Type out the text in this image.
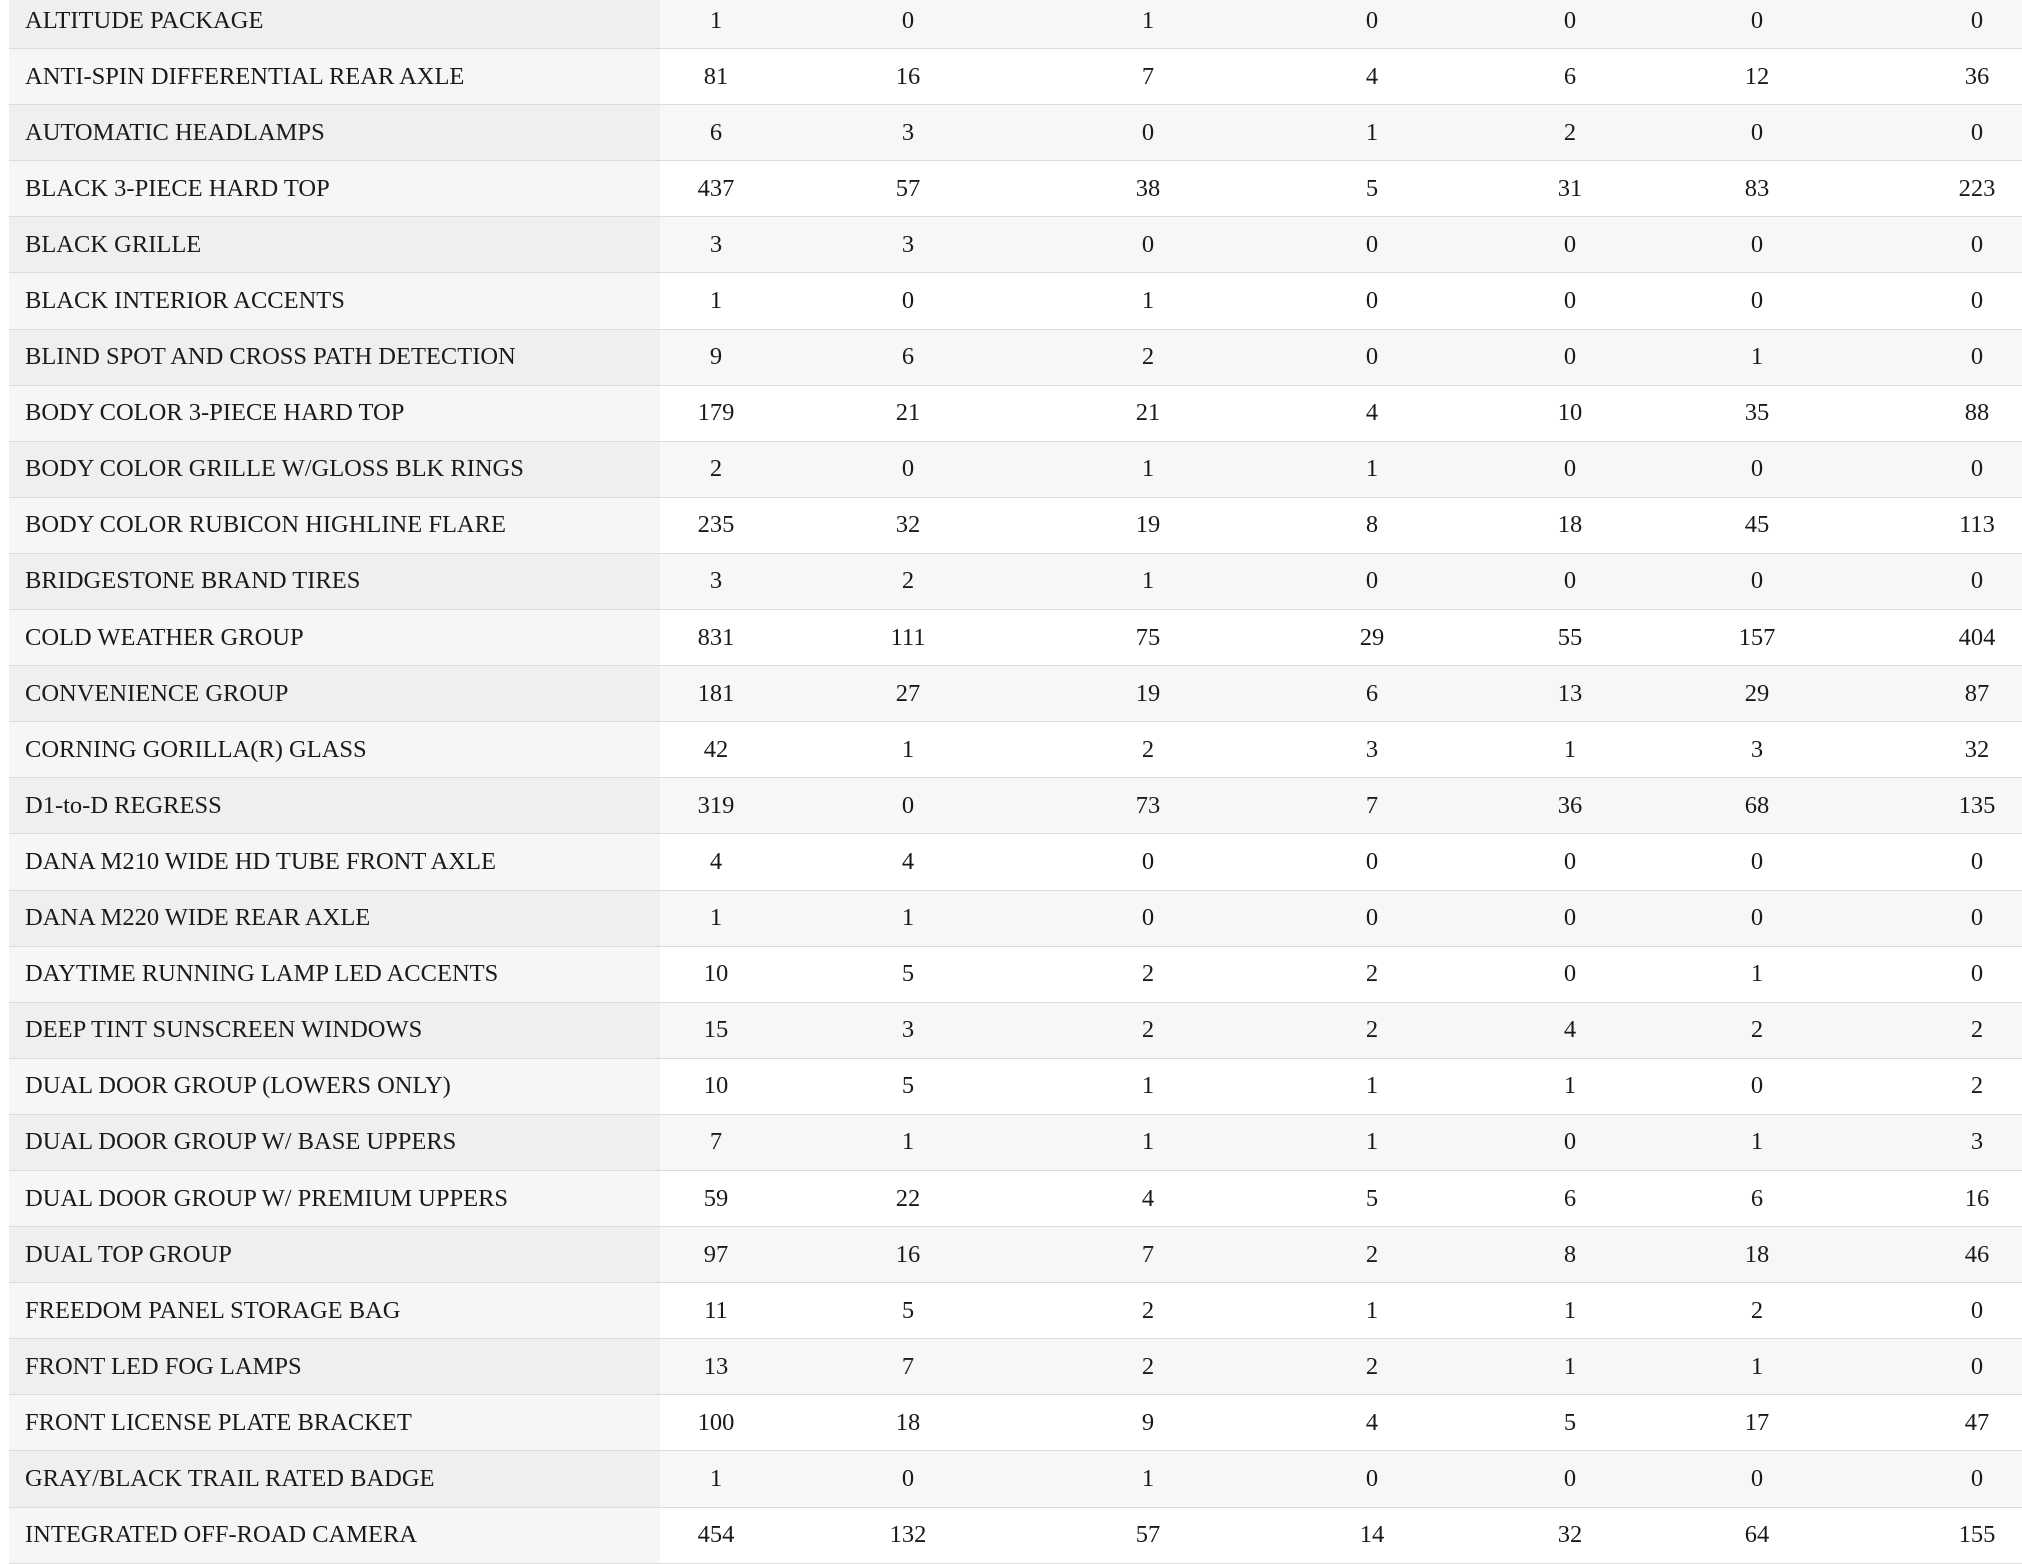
ALTITUDE PACKAGE	1	0	1	0	0	0	0
ANTI-SPIN DIFFERENTIAL REAR AXLE	81	16	7	4	6	12	36
AUTOMATIC HEADLAMPS	6	3	0	1	2	0	0
BLACK 3-PIECE HARD TOP	437	57	38	5	31	83	223
BLACK GRILLE	3	3	0	0	0	0	0
BLACK INTERIOR ACCENTS	1	0	1	0	0	0	0
BLIND SPOT AND CROSS PATH DETECTION	9	6	2	0	0	1	0
BODY COLOR 3-PIECE HARD TOP	179	21	21	4	10	35	88
BODY COLOR GRILLE W/GLOSS BLK RINGS	2	0	1	1	0	0	0
BODY COLOR RUBICON HIGHLINE FLARE	235	32	19	8	18	45	113
BRIDGESTONE BRAND TIRES	3	2	1	0	0	0	0
COLD WEATHER GROUP	831	111	75	29	55	157	404
CONVENIENCE GROUP	181	27	19	6	13	29	87
CORNING GORILLA(R) GLASS	42	1	2	3	1	3	32
D1-to-D REGRESS	319	0	73	7	36	68	135
DANA M210 WIDE HD TUBE FRONT AXLE	4	4	0	0	0	0	0
DANA M220 WIDE REAR AXLE	1	1	0	0	0	0	0
DAYTIME RUNNING LAMP LED ACCENTS	10	5	2	2	0	1	0
DEEP TINT SUNSCREEN WINDOWS	15	3	2	2	4	2	2
DUAL DOOR GROUP (LOWERS ONLY)	10	5	1	1	1	0	2
DUAL DOOR GROUP W/ BASE UPPERS	7	1	1	1	0	1	3
DUAL DOOR GROUP W/ PREMIUM UPPERS	59	22	4	5	6	6	16
DUAL TOP GROUP	97	16	7	2	8	18	46
FREEDOM PANEL STORAGE BAG	11	5	2	1	1	2	0
FRONT LED FOG LAMPS	13	7	2	2	1	1	0
FRONT LICENSE PLATE BRACKET	100	18	9	4	5	17	47
GRAY/BLACK TRAIL RATED BADGE	1	0	1	0	0	0	0
INTEGRATED OFF-ROAD CAMERA	454	132	57	14	32	64	155
